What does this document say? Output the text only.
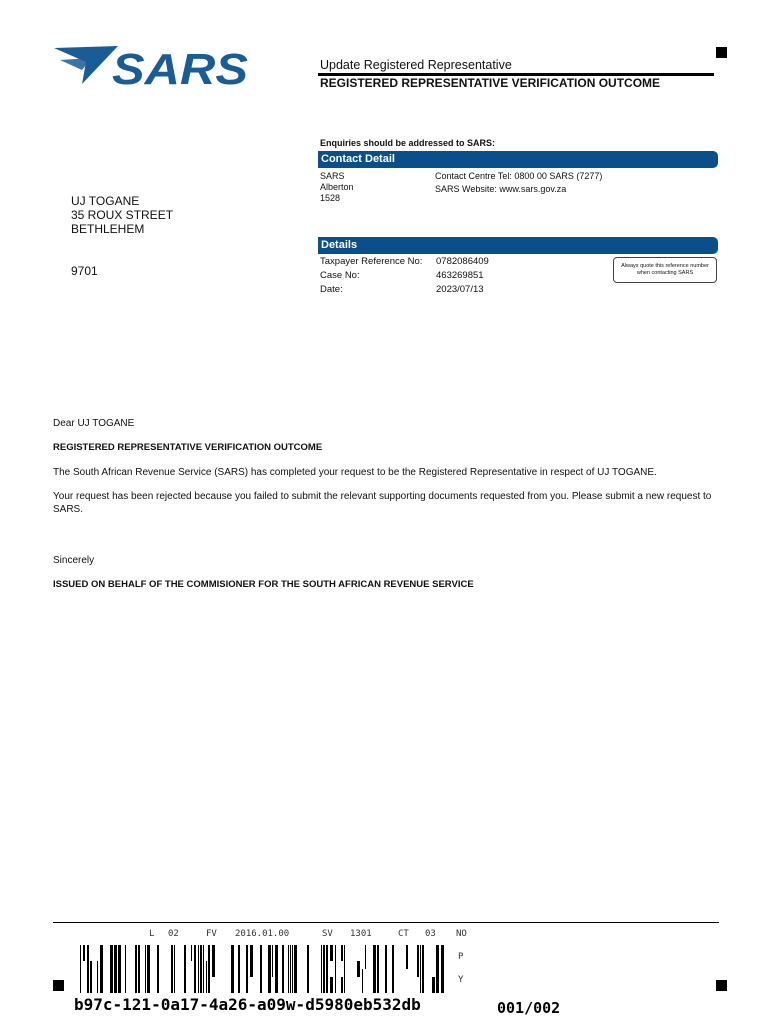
SARS	Update Registered Representative
REGISTERED REPRESENTATIVE VERIFICATION OUTCOME
Enquiries should be addressed to SARS:
Contact Detail
SARS
Alberton
1528
Contact Centre Tel: 0800 00 SARS (7277)
SARS Website: www.sars.gov.za
UJ TOGANE
35 ROUX STREET
BETHLEHEM
9701
Details
Taxpayer Reference No: 0782086409
Case No:	463269851
Date:	2023/07/13
Always quote this reference number when contacting SARS
Dear UJ TOGANE
REGISTERED REPRESENTATIVE VERIFICATION OUTCOME
The South African Revenue Service (SARS) has completed your request to be the Registered Representative in respect of UJ TOGANE.
Your request has been rejected because you failed to submit the relevant supporting documents requested from you. Please submit a new request to SARS.
Sincerely
ISSUED ON BEHALF OF THE COMMISIONER FOR THE SOUTH AFRICAN REVENUE SERVICE
L 02	FV 2016.01.00	SV 1301	CT 03 NO
P
Y
b97c-121-0a17-4a26-a09w-d5980eb532db	001/002
